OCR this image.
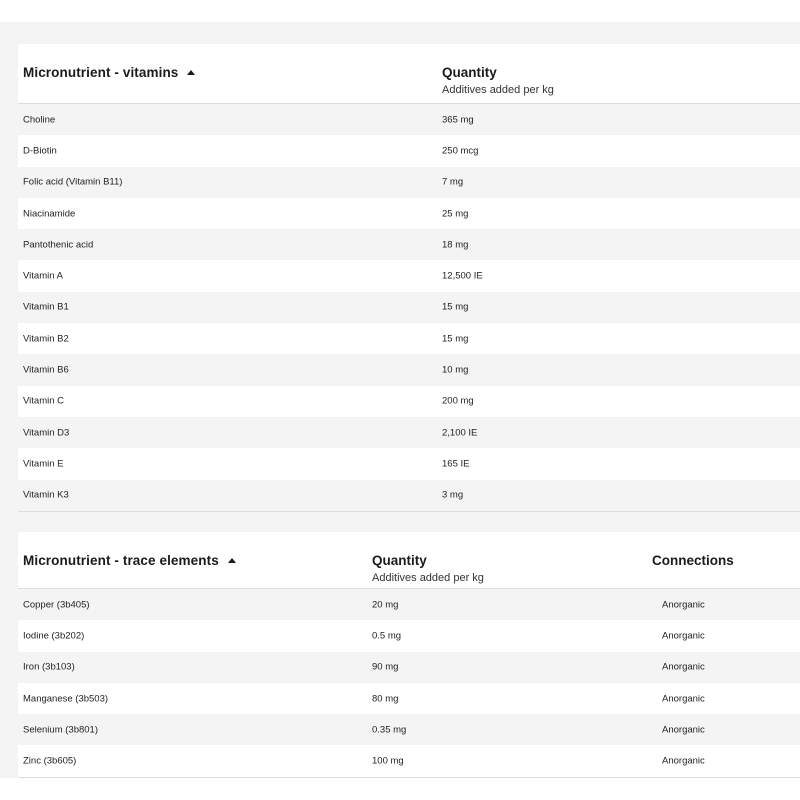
Micronutrient - vitamins	Quantity
Additives added per kg
Choline	365 mg
D-Biotin	250 mcg
Folic acid (Vitamin B11)	7 mg
Niacinamide	25 mg
Pantothenic acid	18 mg
Vitamin A	12,500 IE
Vitamin B1	15 mg
Vitamin B2	15 mg
Vitamin B6	10 mg
Vitamin C	200 mg
Vitamin D3	2,100 IE
Vitamin E	165 IE
Vitamin K3	3 mg
Micronutrient - trace elements	Quantity
Additives added per kg
Connections
Copper (3b405)	20 mg	Anorganic
Iodine (3b202)	0.5 mg	Anorganic
Iron (3b103)	90 mg	Anorganic
Manganese (3b503)	80 mg	Anorganic
Selenium (3b801)	0.35 mg	Anorganic
Zinc (3b605)	100 mg	Anorganic
